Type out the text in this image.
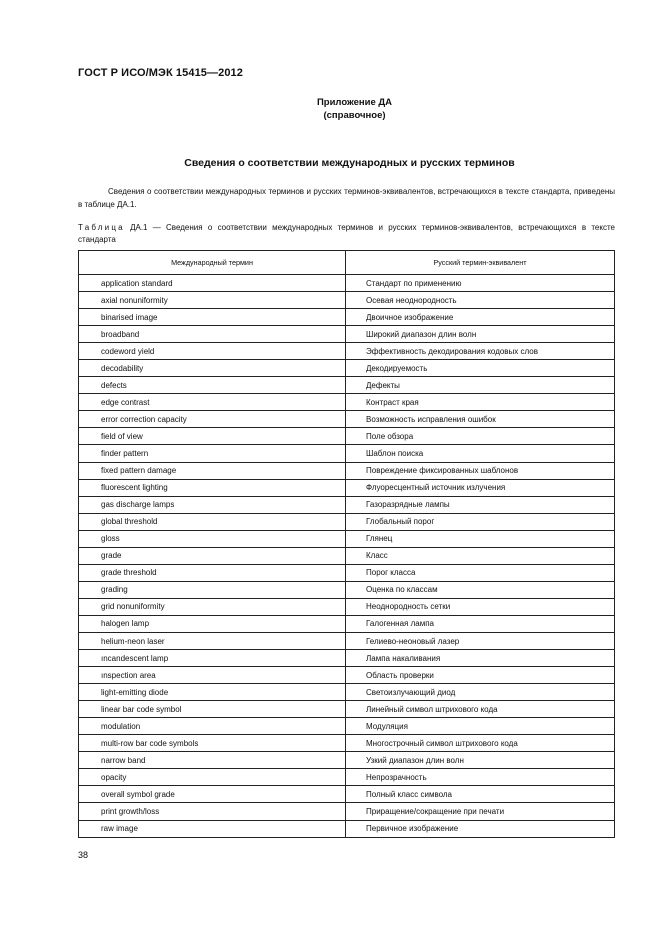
ГОСТ Р ИСО/МЭК 15415—2012
Приложение ДА
(справочное)
Сведения о соответствии международных и русских терминов
Сведения о соответствии международных терминов и русских терминов-эквивалентов, встречающихся в тексте стандарта, приведены в таблице ДА.1.
Таблица ДА.1 — Сведения о соответствии международных терминов и русских терминов-эквивалентов, встречающихся в тексте стандарта
Международный термин	Русский термин-эквивалент
application standard	Стандарт по применению
axial nonuniformity	Осевая неоднородность
binarised image	Двоичное изображение
broadband	Широкий диапазон длин волн
codeword yield	Эффективность декодирования кодовых слов
decodability	Декодируемость
defects	Дефекты
edge contrast	Контраст края
error correction capacity	Возможность исправления ошибок
field of view	Поле обзора
finder pattern	Шаблон поиска
fixed pattern damage	Повреждение фиксированных шаблонов
fluorescent lighting	Флуоресцентный источник излучения
gas discharge lamps	Газоразрядные лампы
global threshold	Глобальный порог
gloss	Глянец
grade	Класс
grade threshold	Порог класса
grading	Оценка по классам
grid nonuniformity	Неоднородность сетки
halogen lamp	Галогенная лампа
helium-neon laser	Гелиево-неоновый лазер
ıncandescent lamp	Лампа накаливания
ınspection area	Область проверки
light-emitting diode	Светоизлучающий диод
linear bar code symbol	Линейный символ штрихового кода
modulation	Модуляция
multi-row bar code symbols	Многострочный символ штрихового кода
narrow band	Узкий диапазон длин волн
opacity	Непрозрачность
overall symbol grade	Полный класс символа
print growth/loss	Приращение/сокращение при печати
raw image	Первичное изображение
38
